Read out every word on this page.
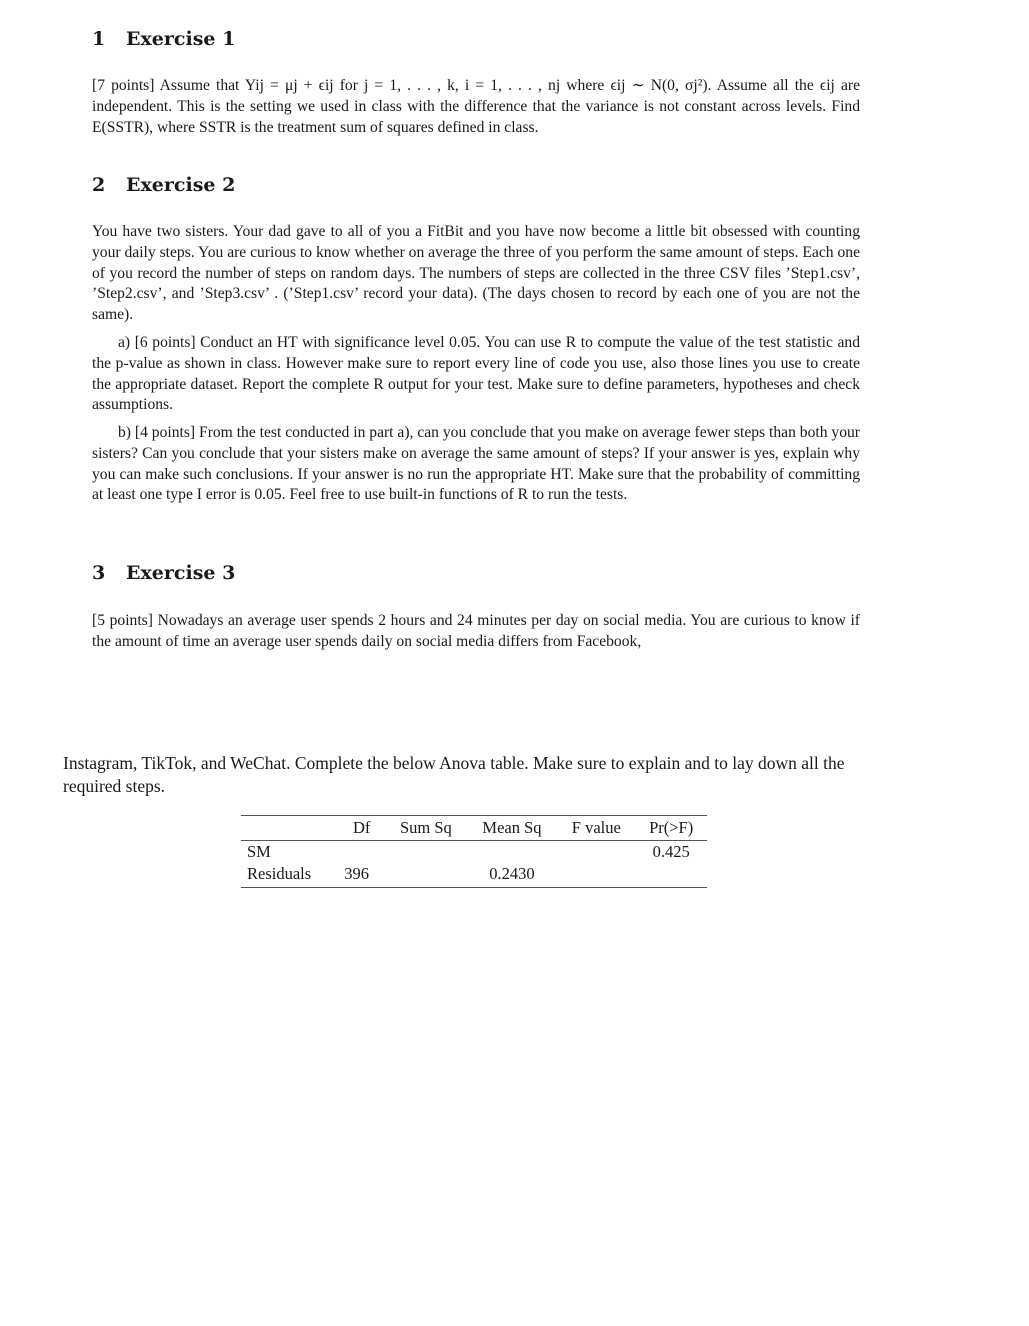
1 Exercise 1
[7 points] Assume that Yij = μj + ϵij for j = 1, . . . , k, i = 1, . . . , nj where ϵij ∼ N(0, σj²). Assume all the ϵij are independent. This is the setting we used in class with the difference that the variance is not constant across levels. Find E(SSTR), where SSTR is the treatment sum of squares defined in class.
2 Exercise 2
You have two sisters. Your dad gave to all of you a FitBit and you have now become a little bit obsessed with counting your daily steps. You are curious to know whether on average the three of you perform the same amount of steps. Each one of you record the number of steps on random days. The numbers of steps are collected in the three CSV files ’Step1.csv’, ’Step2.csv’, and ’Step3.csv’ . (’Step1.csv’ record your data). (The days chosen to record by each one of you are not the same).
a) [6 points] Conduct an HT with significance level 0.05. You can use R to compute the value of the test statistic and the p-value as shown in class. However make sure to report every line of code you use, also those lines you use to create the appropriate dataset. Report the complete R output for your test. Make sure to define parameters, hypotheses and check assumptions.
b) [4 points] From the test conducted in part a), can you conclude that you make on average fewer steps than both your sisters? Can you conclude that your sisters make on average the same amount of steps? If your answer is yes, explain why you can make such conclusions. If your answer is no run the appropriate HT. Make sure that the probability of committing at least one type I error is 0.05. Feel free to use built-in functions of R to run the tests.
3 Exercise 3
[5 points] Nowadays an average user spends 2 hours and 24 minutes per day on social media. You are curious to know if the amount of time an average user spends daily on social media differs from Facebook,
Instagram, TikTok, and WeChat. Complete the below Anova table. Make sure to explain and to lay down all the required steps.
	Df	Sum Sq	Mean Sq	F value	Pr(>F)
SM					0.425
Residuals	396		0.2430		
